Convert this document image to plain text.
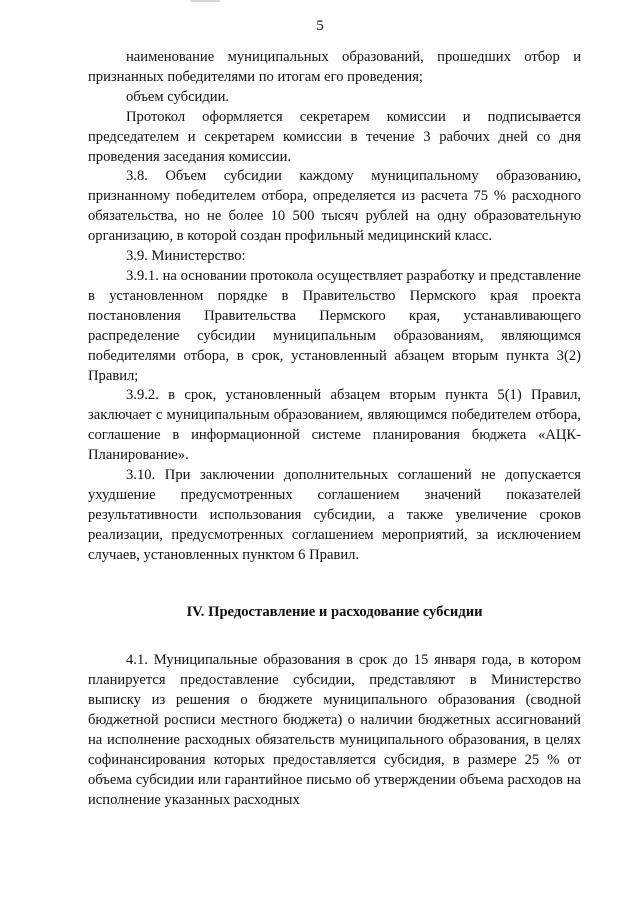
5

наименование муниципальных образований, прошедших отбор и признанных победителями по итогам его проведения;

объем субсидии.

Протокол оформляется секретарем комиссии и подписывается председателем и секретарем комиссии в течение 3 рабочих дней со дня проведения заседания комиссии.

3.8. Объем субсидии каждому муниципальному образованию, признанному победителем отбора, определяется из расчета 75 % расходного обязательства, но не более 10 500 тысяч рублей на одну образовательную организацию, в которой создан профильный медицинский класс.

3.9. Министерство:

3.9.1. на основании протокола осуществляет разработку и представление в установленном порядке в Правительство Пермского края проекта постановления Правительства Пермского края, устанавливающего распределение субсидии муниципальным образованиям, являющимся победителями отбора, в срок, установленный абзацем вторым пункта 3(2) Правил;

3.9.2. в срок, установленный абзацем вторым пункта 5(1) Правил, заключает с муниципальным образованием, являющимся победителем отбора, соглашение в информационной системе планирования бюджета «АЦК-Планирование».

3.10. При заключении дополнительных соглашений не допускается ухудшение предусмотренных соглашением значений показателей результативности использования субсидии, а также увеличение сроков реализации, предусмотренных соглашением мероприятий, за исключением случаев, установленных пунктом 6 Правил.

IV. Предоставление и расходование субсидии

4.1. Муниципальные образования в срок до 15 января года, в котором планируется предоставление субсидии, представляют в Министерство выписку из решения о бюджете муниципального образования (сводной бюджетной росписи местного бюджета) о наличии бюджетных ассигнований на исполнение расходных обязательств муниципального образования, в целях софинансирования которых предоставляется субсидия, в размере 25 % от объема субсидии или гарантийное письмо об утверждении объема расходов на исполнение указанных расходных
